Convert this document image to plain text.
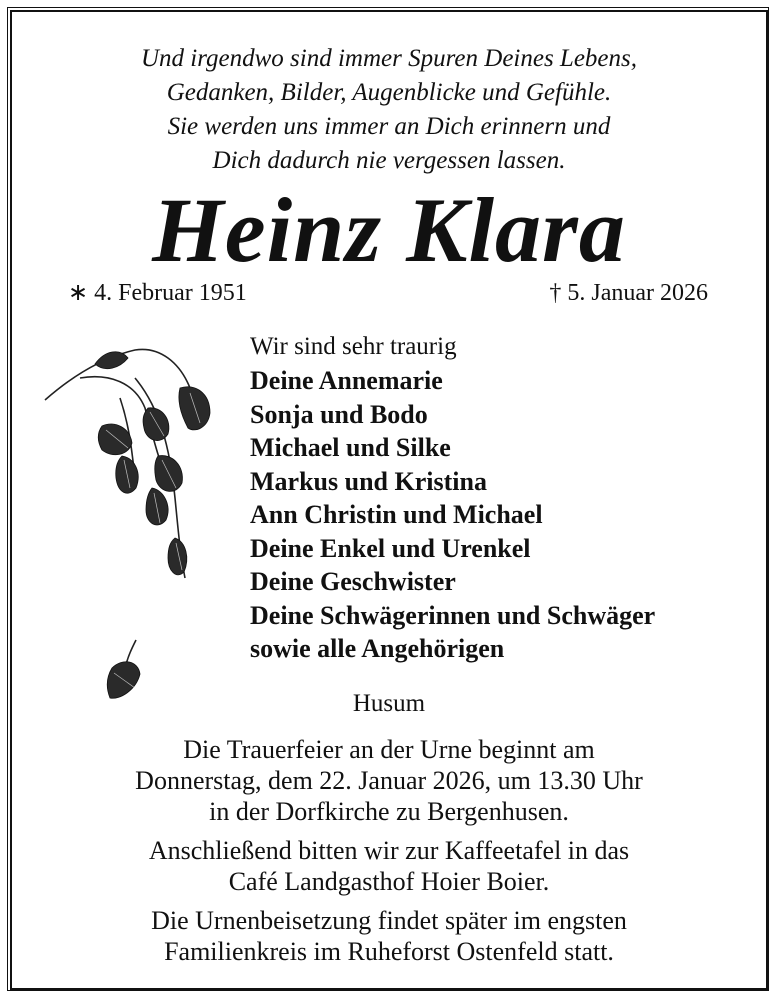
Und irgendwo sind immer Spuren Deines Lebens,
Gedanken, Bilder, Augenblicke und Gefühle.
Sie werden uns immer an Dich erinnern und
Dich dadurch nie vergessen lassen.
Heinz Klara
∗ 4. Februar 1951	† 5. Januar 2026
Wir sind sehr traurig
Deine Annemarie
Sonja und Bodo
Michael und Silke
Markus und Kristina
Ann Christin und Michael
Deine Enkel und Urenkel
Deine Geschwister
Deine Schwägerinnen und Schwäger
sowie alle Angehörigen
Husum
Die Trauerfeier an der Urne beginnt am
Donnerstag, dem 22. Januar 2026, um 13.30 Uhr
in der Dorfkirche zu Bergenhusen.
Anschließend bitten wir zur Kaffeetafel in das
Café Landgasthof Hoier Boier.
Die Urnenbeisetzung findet später im engsten
Familienkreis im Ruheforst Ostenfeld statt.
